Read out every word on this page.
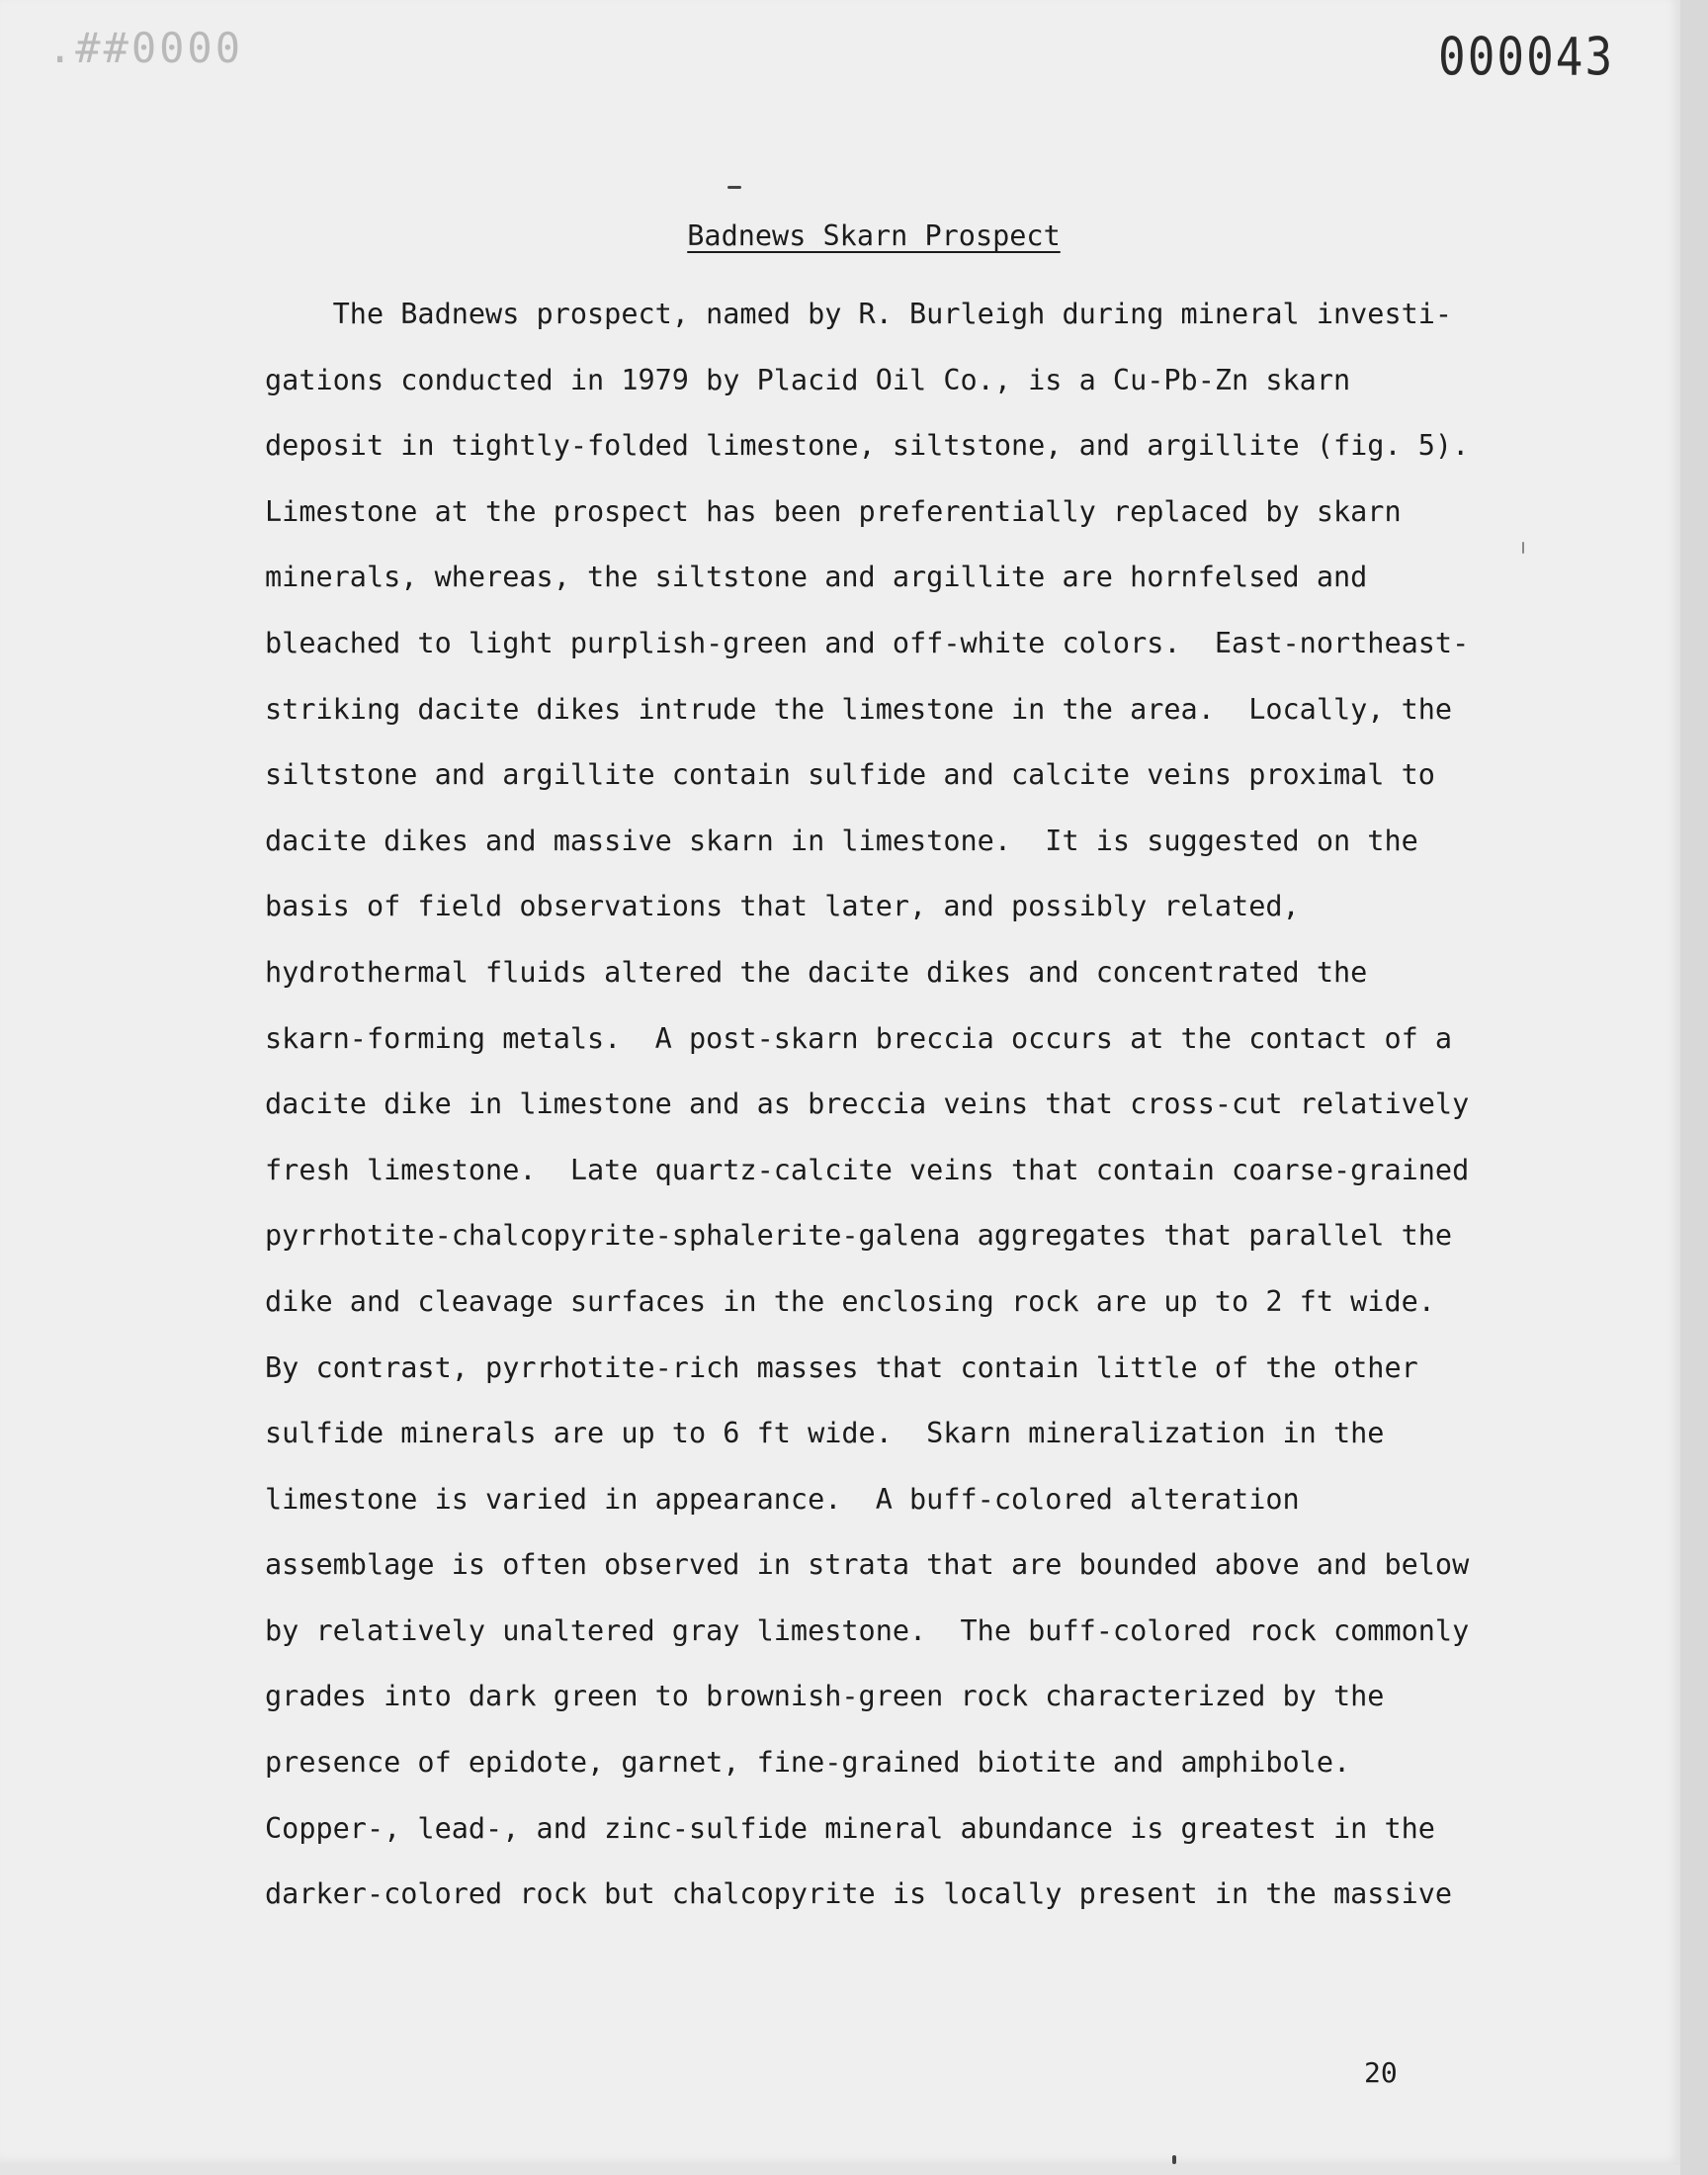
.##0000	000043
Badnews Skarn Prospect
The Badnews prospect, named by R. Burleigh during mineral investi-
gations conducted in 1979 by Placid Oil Co., is a Cu-Pb-Zn skarn
deposit in tightly-folded limestone, siltstone, and argillite (fig. 5).
Limestone at the prospect has been preferentially replaced by skarn
minerals, whereas, the siltstone and argillite are hornfelsed and
bleached to light purplish-green and off-white colors.  East-northeast-
striking dacite dikes intrude the limestone in the area.  Locally, the
siltstone and argillite contain sulfide and calcite veins proximal to
dacite dikes and massive skarn in limestone.  It is suggested on the
basis of field observations that later, and possibly related,
hydrothermal fluids altered the dacite dikes and concentrated the
skarn-forming metals.  A post-skarn breccia occurs at the contact of a
dacite dike in limestone and as breccia veins that cross-cut relatively
fresh limestone.  Late quartz-calcite veins that contain coarse-grained
pyrrhotite-chalcopyrite-sphalerite-galena aggregates that parallel the
dike and cleavage surfaces in the enclosing rock are up to 2 ft wide.
By contrast, pyrrhotite-rich masses that contain little of the other
sulfide minerals are up to 6 ft wide.  Skarn mineralization in the
limestone is varied in appearance.  A buff-colored alteration
assemblage is often observed in strata that are bounded above and below
by relatively unaltered gray limestone.  The buff-colored rock commonly
grades into dark green to brownish-green rock characterized by the
presence of epidote, garnet, fine-grained biotite and amphibole.
Copper-, lead-, and zinc-sulfide mineral abundance is greatest in the
darker-colored rock but chalcopyrite is locally present in the massive
20
